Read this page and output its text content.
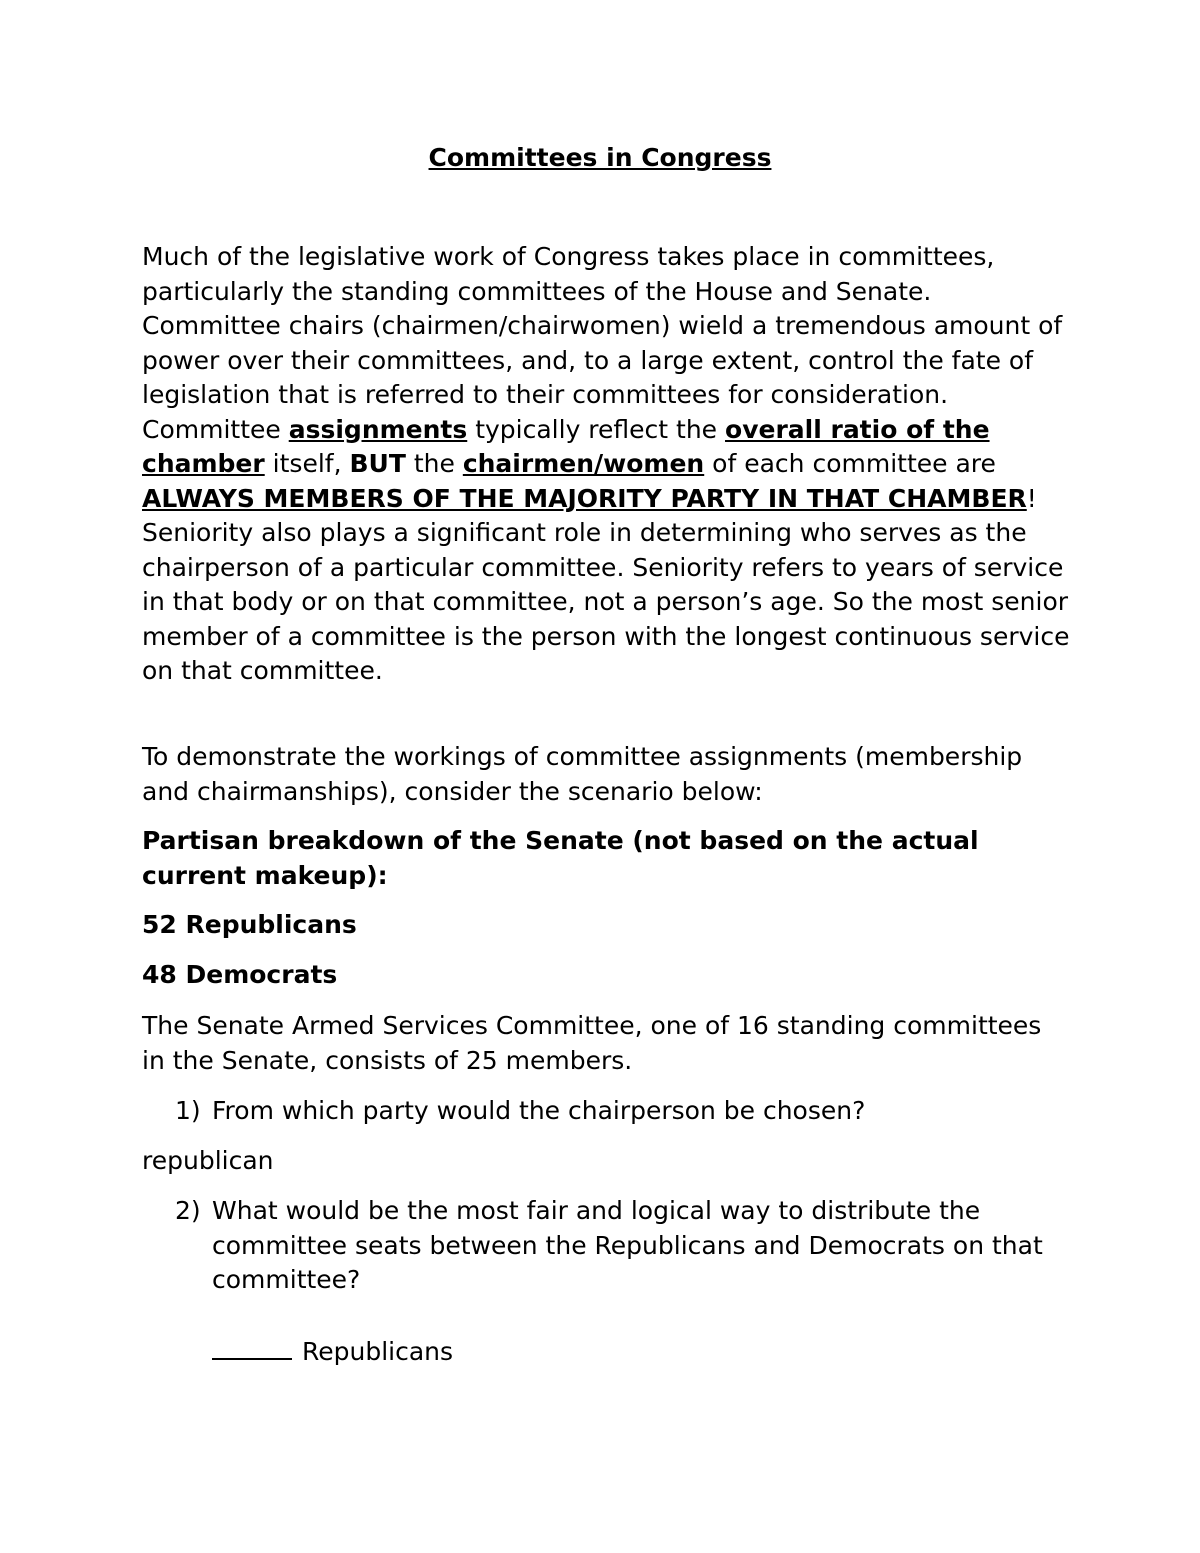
Committees in Congress

Much of the legislative work of Congress takes place in committees, particularly the standing committees of the House and Senate. Committee chairs (chairmen/chairwomen) wield a tremendous amount of power over their committees, and, to a large extent, control the fate of legislation that is referred to their committees for consideration. Committee assignments typically reflect the overall ratio of the chamber itself, BUT the chairmen/women of each committee are ALWAYS MEMBERS OF THE MAJORITY PARTY IN THAT CHAMBER! Seniority also plays a significant role in determining who serves as the chairperson of a particular committee. Seniority refers to years of service in that body or on that committee, not a person’s age. So the most senior member of a committee is the person with the longest continuous service on that committee.

To demonstrate the workings of committee assignments (membership and chairmanships), consider the scenario below:

Partisan breakdown of the Senate (not based on the actual current makeup):

52 Republicans

48 Democrats

The Senate Armed Services Committee, one of 16 standing committees in the Senate, consists of 25 members.

1) From which party would the chairperson be chosen?

republican

2) What would be the most fair and logical way to distribute the committee seats between the Republicans and Democrats on that committee?
Republicans
